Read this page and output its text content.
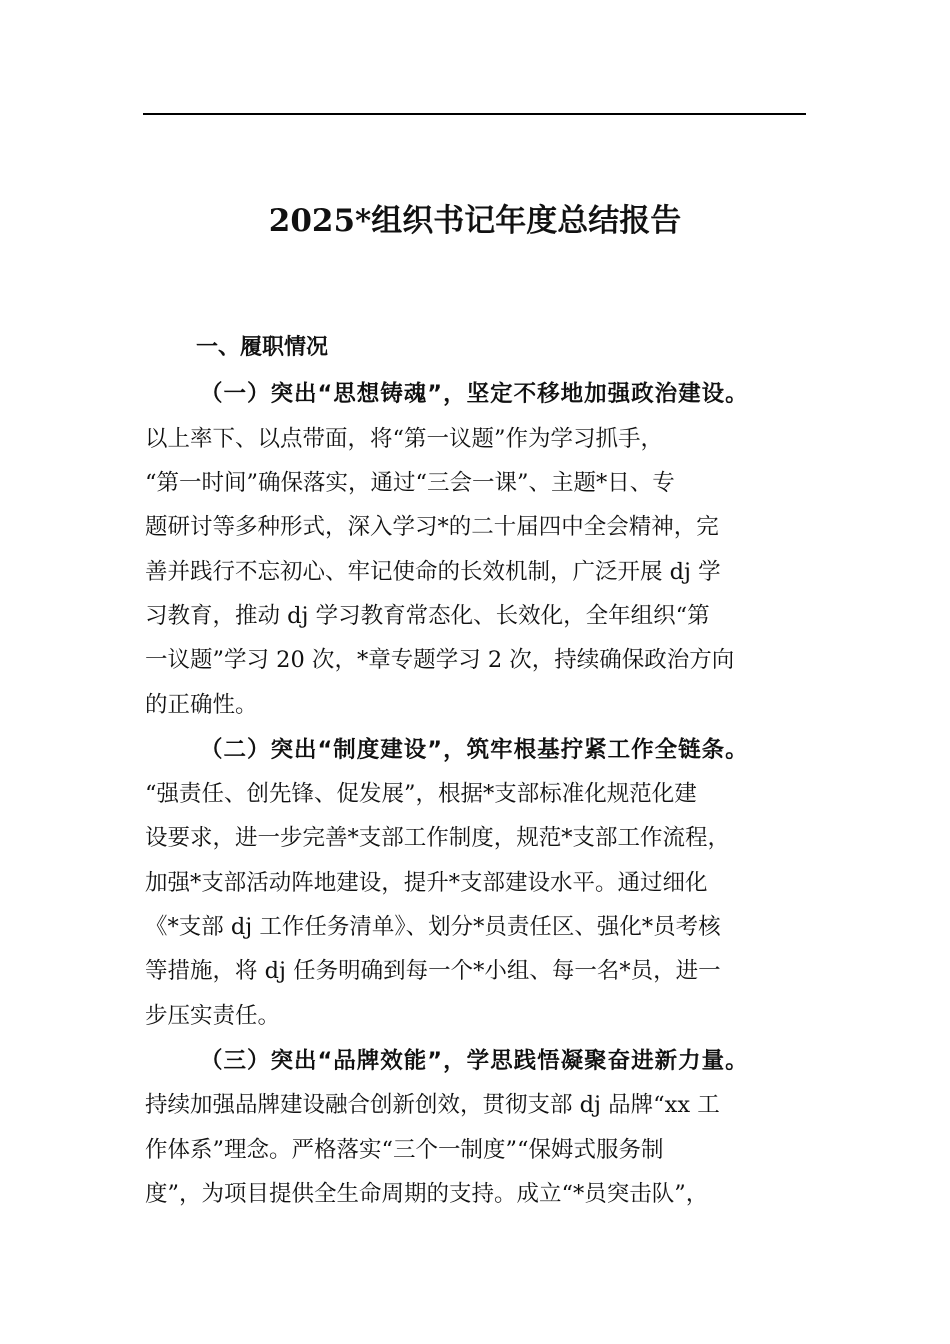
2025*组织书记年度总结报告

一、履职情况

（一）突出“思想铸魂”，坚定不移地加强政治建设。

以上率下、以点带面，将“第一议题”作为学习抓手，

“第一时间”确保落实，通过“三会一课”、主题*日、专

题研讨等多种形式，深入学习*的二十届四中全会精神，完

善并践行不忘初心、牢记使命的长效机制，广泛开展 dj 学

习教育，推动 dj 学习教育常态化、长效化，全年组织“第

一议题”学习 20 次，*章专题学习 2 次，持续确保政治方向

的正确性。

（二）突出“制度建设”，筑牢根基拧紧工作全链条。

“强责任、创先锋、促发展”，根据*支部标准化规范化建

设要求，进一步完善*支部工作制度，规范*支部工作流程，

加强*支部活动阵地建设，提升*支部建设水平。通过细化

《*支部 dj 工作任务清单》、划分*员责任区、强化*员考核

等措施，将 dj 任务明确到每一个*小组、每一名*员，进一

步压实责任。

（三）突出“品牌效能”，学思践悟凝聚奋进新力量。

持续加强品牌建设融合创新创效，贯彻支部 dj 品牌“xx 工

作体系”理念。严格落实“三个一制度”“保姆式服务制

度”，为项目提供全生命周期的支持。成立“*员突击队”，
